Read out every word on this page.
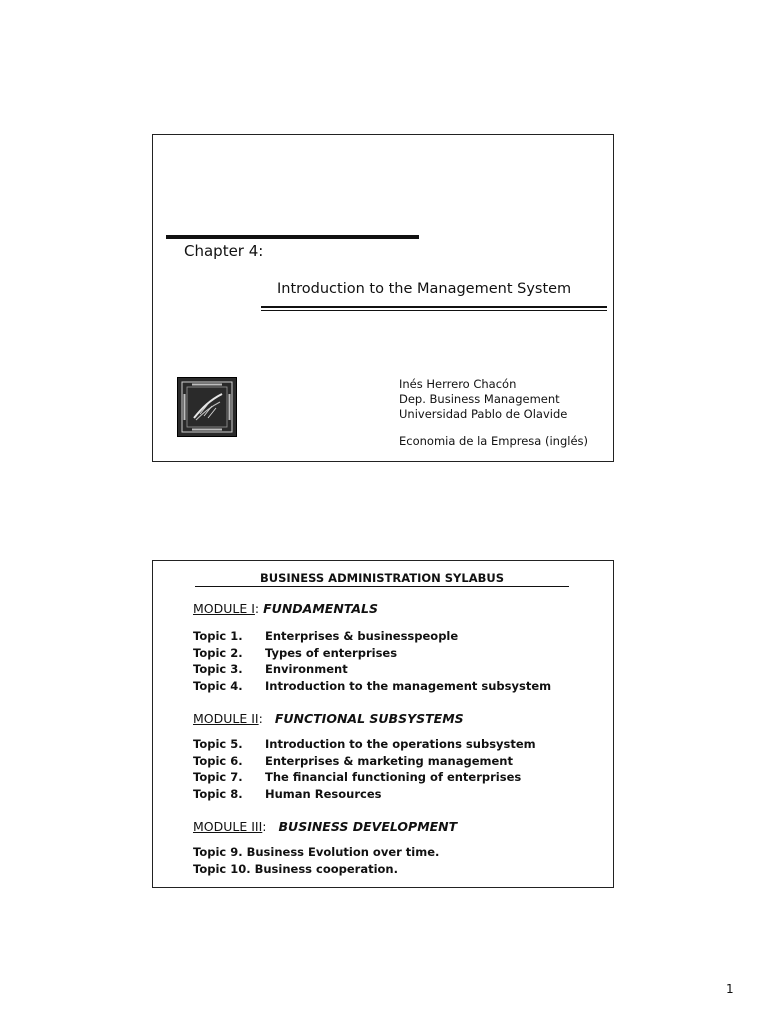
Chapter 4:
Introduction to the Management System
Inés Herrero Chacón
Dep. Business Management
Universidad Pablo de Olavide
Economia de la Empresa (inglés)
BUSINESS ADMINISTRATION SYLABUS
MODULE I: FUNDAMENTALS
Topic 1. Enterprises & businesspeople
Topic 2. Types of enterprises
Topic 3. Environment
Topic 4. Introduction to the management subsystem
MODULE II: FUNCTIONAL SUBSYSTEMS
Topic 5. Introduction to the operations subsystem
Topic 6. Enterprises & marketing management
Topic 7. The financial functioning of enterprises
Topic 8. Human Resources
MODULE III: BUSINESS DEVELOPMENT
Topic 9. Business Evolution over time.
Topic 10. Business cooperation.
1
